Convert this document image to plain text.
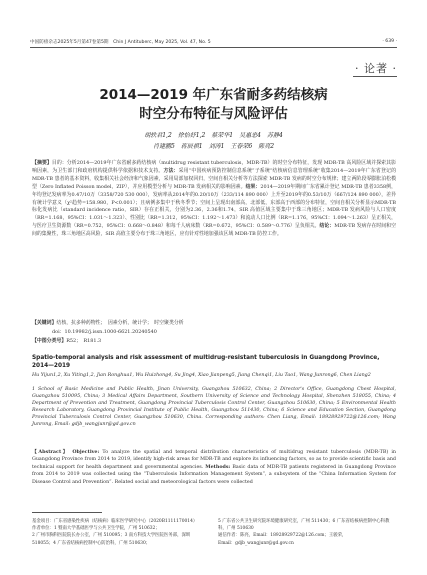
中国防痨杂志2025年5月第47卷第5期　Chin J Antituberc, May 2025, Vol. 47, No. 5	· 639 ·
· 论著 ·
2014—2019 年广东省耐多药结核病
时空分布特征与风险评估
胡轶君1,2　徐怡妤1,2　蔡荣华1　吴惠忠4　苏静4
肖建鹏5　蒋辰祺1　刘涛1　王春荣6　陈亮2
【摘要】目的：分析2014—2019年广东省耐多药结核病（multidrug resistant tuberculosis，MDR-TB）的时空分布特征，发现 MDR-TB 高风险区域并探索其影响因素，为卫生部门和政府机构提供科学依据和技术支持。方法：采用“中国疾病预防控制信息系统”子系统“结核病信息管理系统”收集2014—2019年广东省登记的 MDR-TB 患者的基本资料，收集相关社会经济和气象因素，采用局部加权回归，空间自相关分析等方法探索 MDR-TB 发病的时空分布规律；建立两阶段零膨胀泊松模型（Zero Inflated Poisson model，ZIP），并应用模型分析与 MDR-TB 发病相关的影响因素。结果：2014—2019年期间广东省累计登记 MDR-TB 患者3358例，年均登记发病率为0.47/10万（3358/720 530 000），发病率从2014年的0.20/10万（233/114 890 000）上升至2019年的0.53/10万（667/124 890 000），差异有统计学意义（χ²趋势=158.980，P<0.001）；且病例多集中于秋冬季节；空间上呈现出南部高，北部低，东部高于西部的分布特征，空间自相关分析显示MDR-TB 标化发病比（standard incidence ratio，SIR）存在正相关，分别为2.36，2.36和1.74，SIR 高值区域主要集中于珠三角地区；MDR-TB 发病风险与人口密度（RR=1.168，95%CI：1.031～1.323）、性别比（RR=1.312，95%CI：1.192～1.473）和流动人口比例（RR=1.176，95%CI：1.094～1.263）呈正相关，与医疗卫生资源数（RR=0.752，95%CI：0.668～0.848）和每千人病床数（RR=0.672，95%CI：0.589～0.776）呈负相关。结论：MDR-TB 发病存在时间和空间的集聚性，珠三角地区高风险，SIR 高值主要分布于珠三角地区，应有针对性地加强该区域 MDR-TB 防控工作。
【关键词】结核，抗多种药物性；　因素分析，统计学；　时空聚类分析
doi：10.19982/j.issn.1000-6621.20240540
【中图分类号】R52；　R181.3
Spatio-temporal analysis and risk assessment of multidrug-resistant tuberculosis in Guangdong Province, 2014—2019
Hu Yijun1,2, Xu Yiting1,2, Jian Ronghua1, Wu Huizhong4, Su Jing4, Xiao Jianpeng5, Jiang Chenqi1, Liu Tao1, Wang Junrong6, Chen Liang2
1 School of Basic Medicine and Public Health, Jinan University, Guangzhou 510632, China; 2 Director's Office, Guangdong Chest Hospital, Guangzhou 510095, China; 3 Medical Affairs Department, Southern University of Science and Technology Hospital, Shenzhen 518055, China; 4 Department of Prevention and Treatment, Guangdong Provincial Tuberculosis Control Center, Guangzhou 510630, China; 5 Environmental Health Research Laboratory, Guangdong Provincial Institute of Public Health, Guangzhou 511430, China; 6 Science and Education Section, Guangdong Provincial Tuberculosis Control Center, Guangzhou 510630, China. Corresponding authors: Chen Liang, Email: 18928929722@126.com; Wang Junrong, Email: gdjb_wangjunr@gd.gov.cn
【Abstract】 Objective: To analyze the spatial and temporal distribution characteristics of multidrug resistant tuberculosis (MDR-TB) in Guangdong Province from 2014 to 2019, identify high-risk areas for MDR-TB and explore its influencing factors, so as to provide scientific basis and technical support for health department and governmental agencies. Methods: Basic data of MDR-TB patients registered in Guangdong Province from 2014 to 2019 was collected using the “Tuberculosis Information Management System”, a subsystem of the “China Information System for Disease Control and Prevention”. Related social and meteorological factors were collected
基金项目：广东省感染性疾病（结核病）临床医学研究中心（2020B1111170014）
作者单位：1 暨南大学基础医学与公共卫生学院，广州 510632；
2 广州市胸科医院院长办公室，广州 510095；3 南方科技大学医院医务部，深圳 518055；4 广东省结核病控制中心防治科，广州 510630；
5 广东省公共卫生研究院环境健康研究室，广州 511430；6 广东省结核病控制中心科教科，广州 510630
通信作者：陈亮，Email：18928929722@126.com；王骏荣，
Email：gdjb_wangjunr@gd.gov.cn
